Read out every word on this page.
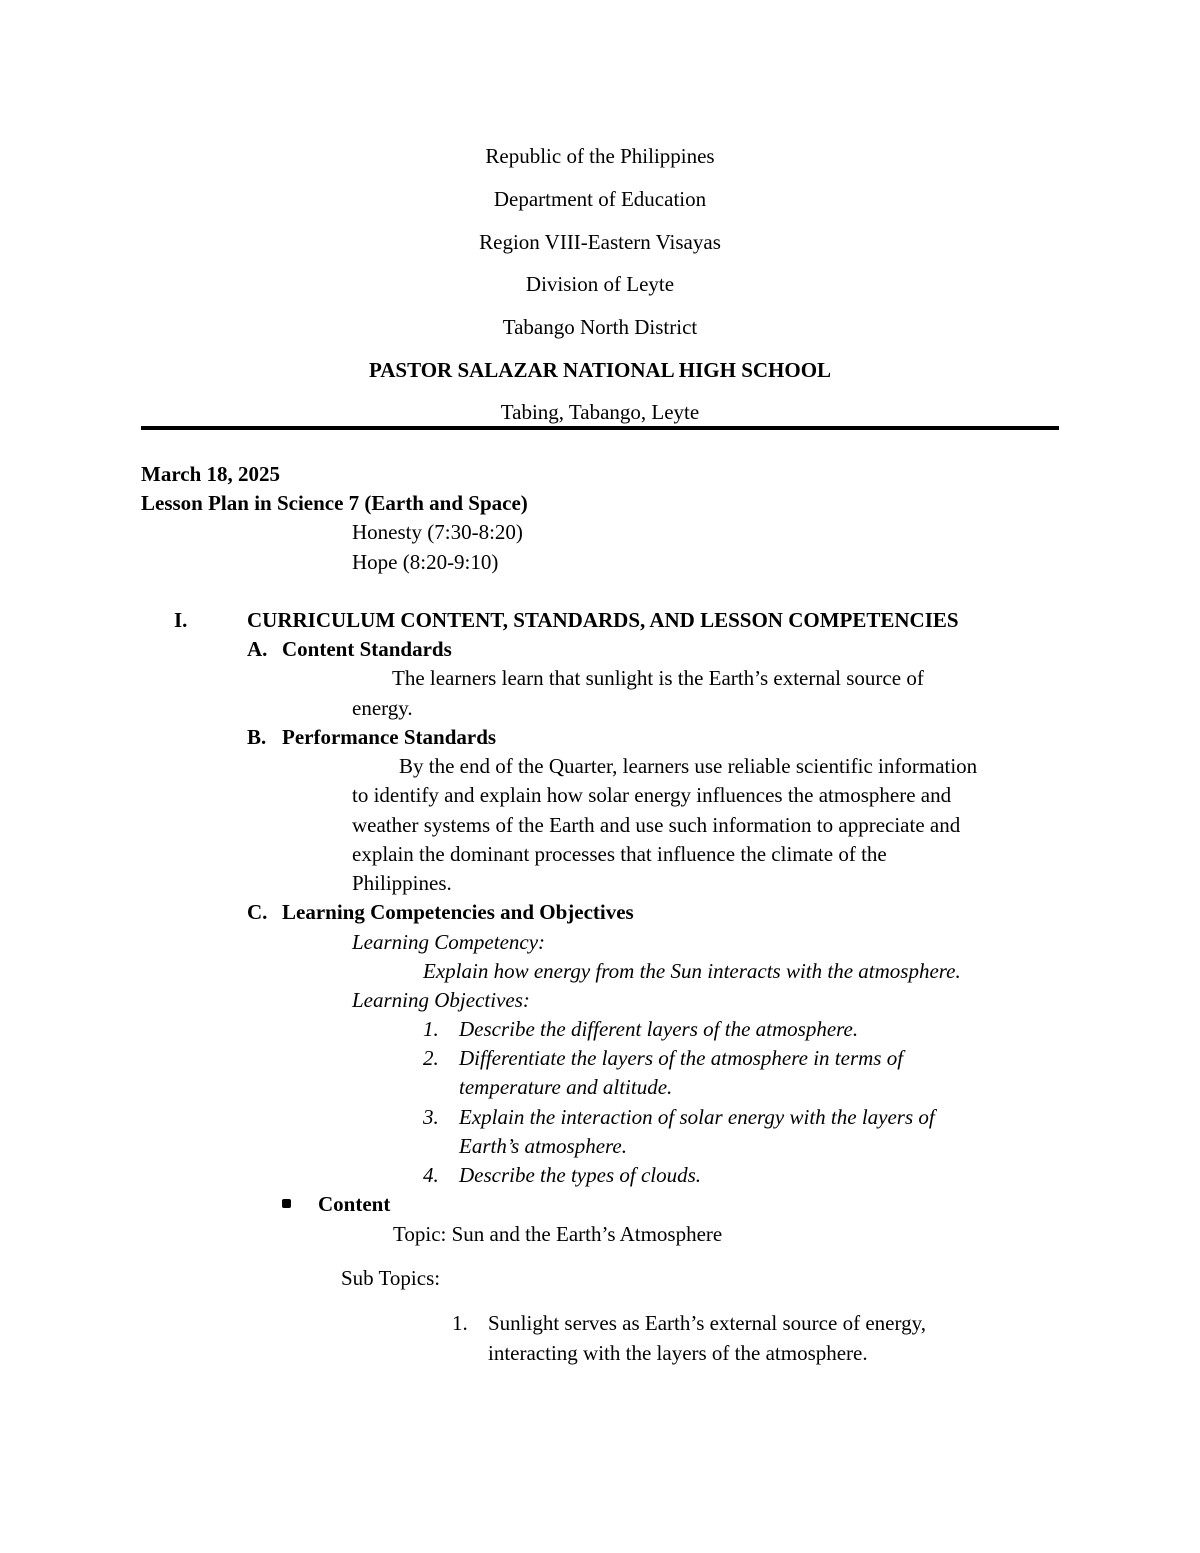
Republic of the Philippines
Department of Education
Region VIII-Eastern Visayas
Division of Leyte
Tabango North District
PASTOR SALAZAR NATIONAL HIGH SCHOOL
Tabing, Tabango, Leyte
March 18, 2025
Lesson Plan in Science 7 (Earth and Space)
Honesty (7:30-8:20)
Hope (8:20-9:10)
I.	CURRICULUM CONTENT, STANDARDS, AND LESSON COMPETENCIES
A. Content Standards
The learners learn that sunlight is the Earth’s external source of
energy.
B. Performance Standards
By the end of the Quarter, learners use reliable scientific information
to identify and explain how solar energy influences the atmosphere and
weather systems of the Earth and use such information to appreciate and
explain the dominant processes that influence the climate of the
Philippines.
C. Learning Competencies and Objectives
Learning Competency:
Explain how energy from the Sun interacts with the atmosphere.
Learning Objectives:
1. Describe the different layers of the atmosphere.
2. Differentiate the layers of the atmosphere in terms of
temperature and altitude.
3. Explain the interaction of solar energy with the layers of
Earth’s atmosphere.
4. Describe the types of clouds.
Content
Topic: Sun and the Earth’s Atmosphere
Sub Topics:
1. Sunlight serves as Earth’s external source of energy,
interacting with the layers of the atmosphere.
